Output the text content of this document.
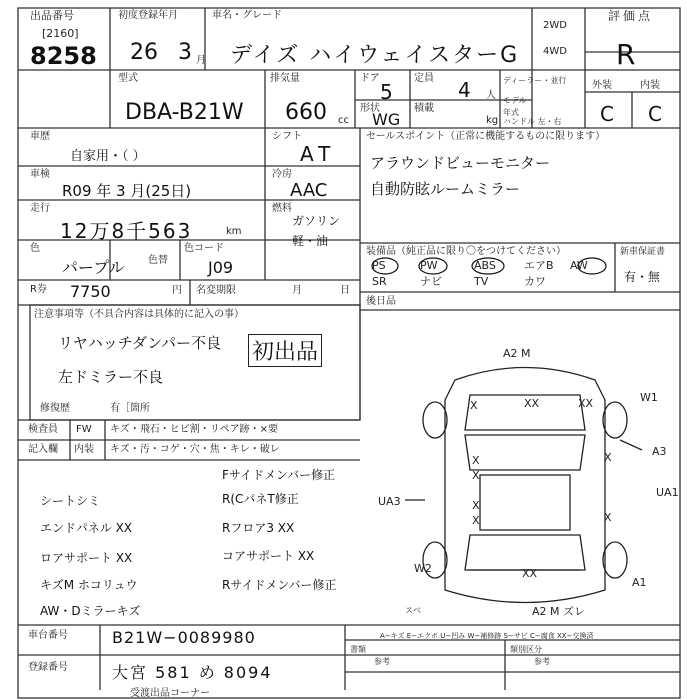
出品番号
[2160]
8258
初度登録年月
26 3 月
車名・グレード
デイズ ハイウェイスターG
2WD
4WD
評価点
R
外装	内装
C C
型式
DBA-B21W
排気量
660 cc
ドア
5
定員 4 人
形状
WG
積載
kg
ディーラー・並行
モデル年式
ハンドル 左・右
車歴
自家用・（ ）
シフト
AT
セールスポイント（正常に機能するものに限ります）
アラウンドビューモニター
自動防眩ルームミラー
車検
R09 年 3 月(25日)
冷房
AAC
走行
12万8千563	km
燃料
ガソリン
軽・油
色
パープル 色替
色コード
J09
装備品（純正品に限り〇をつけてください）	新車保証書
有・無
PS	PW	ABS	エアB AW
SR	ナビ	TV	カワ
R券 7750	円 名変期限	月	日
後日品
注意事項等（不具合内容は具体的に記入の事）
リヤハッチダンパー不良
左ドミラー不良
初出品
修復歴	有［箇所
検査員
記入欄
FW
内装
キズ・飛石・ヒビ割・リペア跡・×要
キズ・汚・コゲ・穴・焦・キレ・破レ
Fサイドメンバー修正
R(CパネT修正
シートシミ
エンドパネル XX	Rフロア3 XX
ロアサポート XX	コアサポート XX
キズM ホコリュウ	Rサイドメンバー修正
AW・Dミラーキズ
A2 M
W1
A3
UA1
UA3
W2
A1
A2 M ズレ
スベ
XX	XX
X
X
X
X
X
X
X
XX
A−キズ E−エクボ U−凹み W−補修跡 S−サビ C−腐食 XX−交換済
車台番号	B21W−0089980
登録番号	大宮 581 め 8094
書類
参考
類別区分
参考
受渡出品コーナー
